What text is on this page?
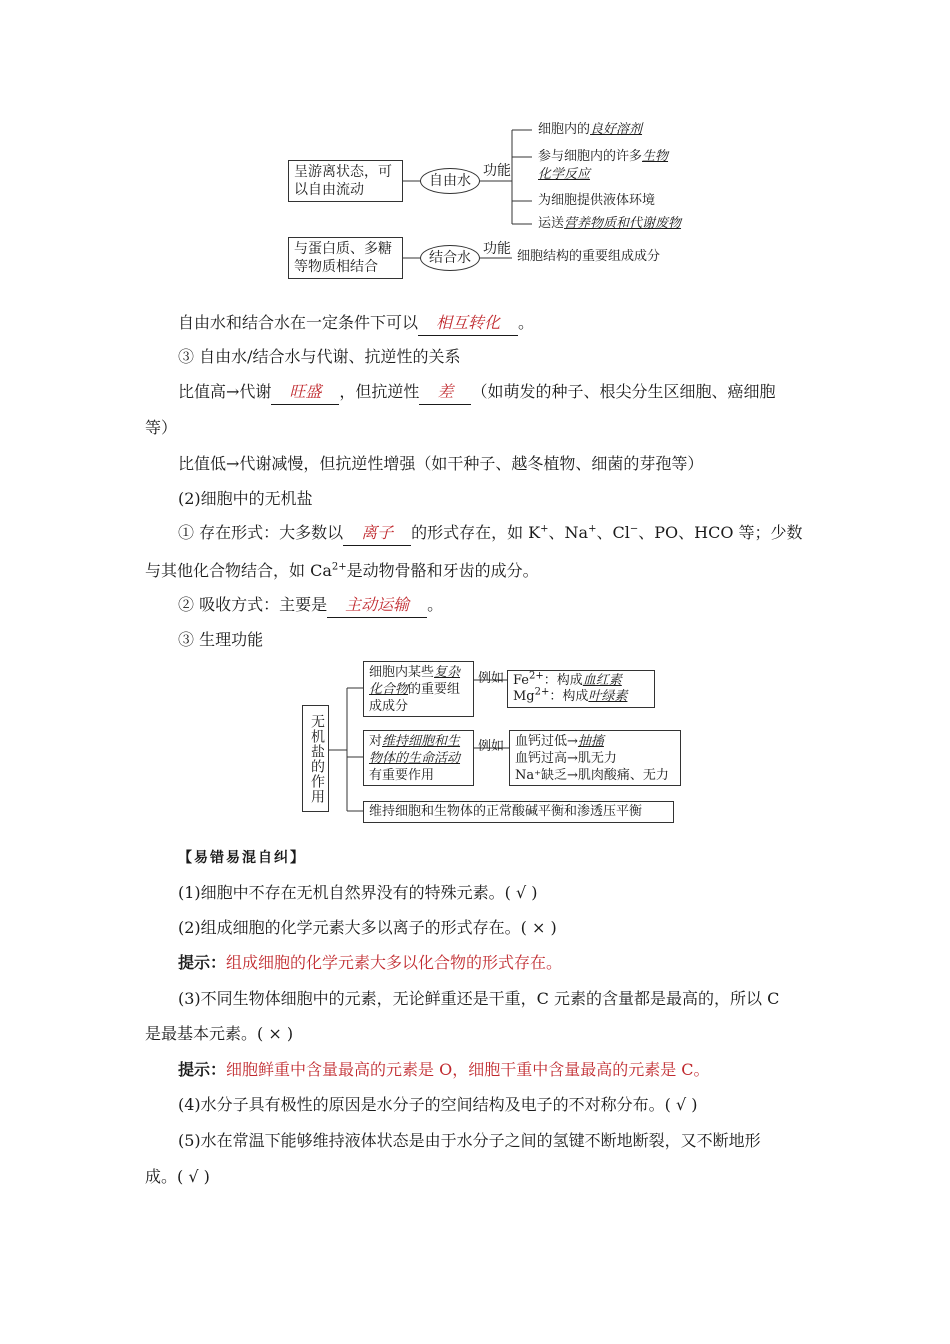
呈游离状态，可以自由流动
自由水
功能
细胞内的良好溶剂
参与细胞内的许多生物
化学反应
为细胞提供液体环境
运送营养物质和代谢废物
与蛋白质、多糖等物质相结合
结合水
功能 细胞结构的重要组成成分
自由水和结合水在一定条件下可以 相互转化 。
③ 自由水/结合水与代谢、抗逆性的关系
比值高→代谢 旺盛 ，但抗逆性 差 （如萌发的种子、根尖分生区细胞、癌细胞
等）
比值低→代谢减慢，但抗逆性增强（如干种子、越冬植物、细菌的芽孢等）
(2)细胞中的无机盐
① 存在形式：大多数以 离子 的形式存在，如 K+、Na+、Cl−、PO、HCO 等；少数
与其他化合物结合，如 $Ca^{2+}$是动物骨骼和牙齿的成分。
② 吸收方式：主要是 主动运输 。
③ 生理功能
无机盐的作用
细胞内某些复杂
化合物的重要组
成成分
例如 $Fe^{2+}$：构成血红素
$Mg^{2+}$：构成叶绿素
对维持细胞和生
物体的生命活动
有重要作用
例如 血钙过低→抽搐
血钙过高→肌无力
Na⁺缺乏→肌肉酸痛、无力
维持细胞和生物体的正常酸碱平衡和渗透压平衡
【易错易混自纠】
(1)细胞中不存在无机自然界没有的特殊元素。( √ )
(2)组成细胞的化学元素大多以离子的形式存在。( × )
提示：组成细胞的化学元素大多以化合物的形式存在。
(3)不同生物体细胞中的元素，无论鲜重还是干重，C 元素的含量都是最高的，所以 C
是最基本元素。( × )
提示：细胞鲜重中含量最高的元素是 O，细胞干重中含量最高的元素是 C。
(4)水分子具有极性的原因是水分子的空间结构及电子的不对称分布。( √ )
(5)水在常温下能够维持液体状态是由于水分子之间的氢键不断地断裂，又不断地形
成。( √ )
